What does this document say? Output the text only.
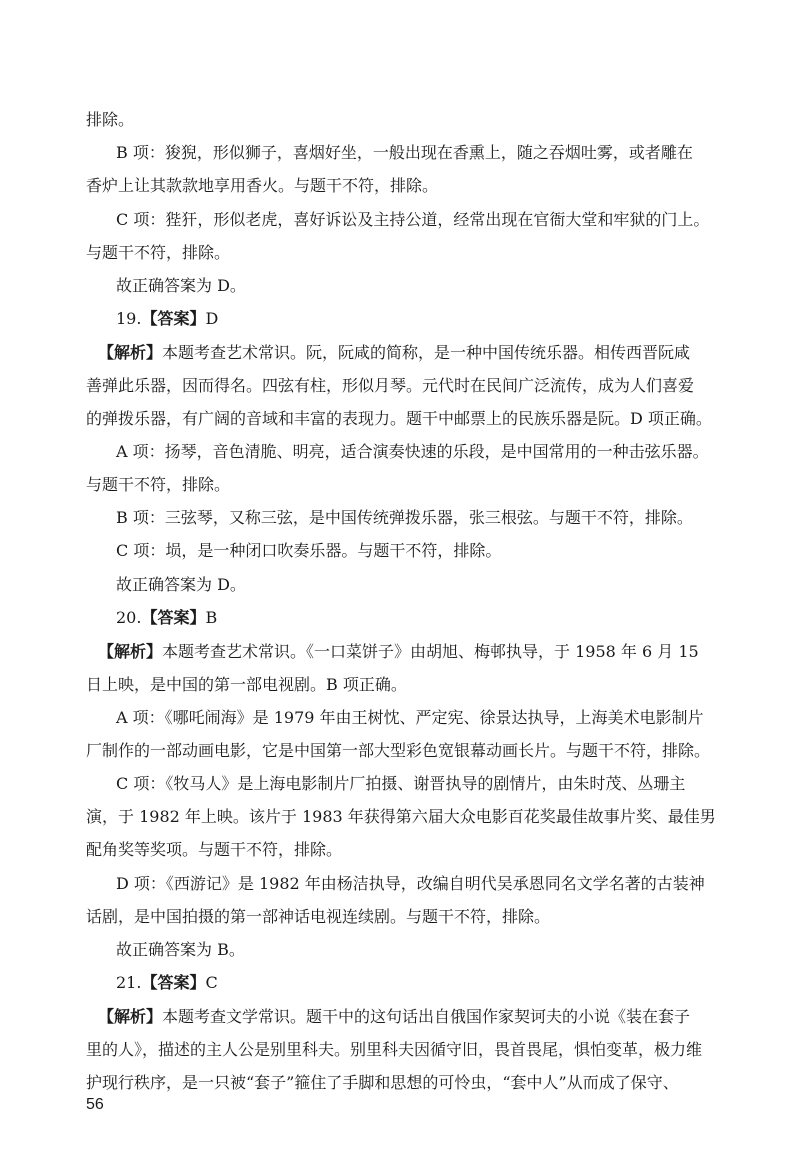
56
排除。
B 项：狻猊，形似狮子，喜烟好坐，一般出现在香熏上，随之吞烟吐雾，或者雕在
香炉上让其款款地享用香火。与题干不符，排除。
C 项：狴犴，形似老虎，喜好诉讼及主持公道，经常出现在官衙大堂和牢狱的门上。
与题干不符，排除。
故正确答案为 D。
19.【答案】D
【解析】本题考查艺术常识。阮，阮咸的简称，是一种中国传统乐器。相传西晋阮咸
善弹此乐器，因而得名。四弦有柱，形似月琴。元代时在民间广泛流传，成为人们喜爱
的弹拨乐器，有广阔的音域和丰富的表现力。题干中邮票上的民族乐器是阮。D 项正确。
A 项：扬琴，音色清脆、明亮，适合演奏快速的乐段，是中国常用的一种击弦乐器。
与题干不符，排除。
B 项：三弦琴，又称三弦，是中国传统弹拨乐器，张三根弦。与题干不符，排除。
C 项：埙，是一种闭口吹奏乐器。与题干不符，排除。
故正确答案为 D。
20.【答案】B
【解析】本题考查艺术常识。《一口菜饼子》由胡旭、梅邨执导，于 1958 年 6 月 15
日上映，是中国的第一部电视剧。B 项正确。
A 项：《哪吒闹海》是 1979 年由王树忱、严定宪、徐景达执导，上海美术电影制片
厂制作的一部动画电影，它是中国第一部大型彩色宽银幕动画长片。与题干不符，排除。
C 项：《牧马人》是上海电影制片厂拍摄、谢晋执导的剧情片，由朱时茂、丛珊主
演，于 1982 年上映。该片于 1983 年获得第六届大众电影百花奖最佳故事片奖、最佳男
配角奖等奖项。与题干不符，排除。
D 项：《西游记》是 1982 年由杨洁执导，改编自明代吴承恩同名文学名著的古装神
话剧，是中国拍摄的第一部神话电视连续剧。与题干不符，排除。
故正确答案为 B。
21.【答案】C
【解析】本题考查文学常识。题干中的这句话出自俄国作家契诃夫的小说《装在套子
里的人》，描述的主人公是别里科夫。别里科夫因循守旧，畏首畏尾，惧怕变革，极力维
护现行秩序，是一只被“套子”箍住了手脚和思想的可怜虫，“套中人”从而成了保守、
